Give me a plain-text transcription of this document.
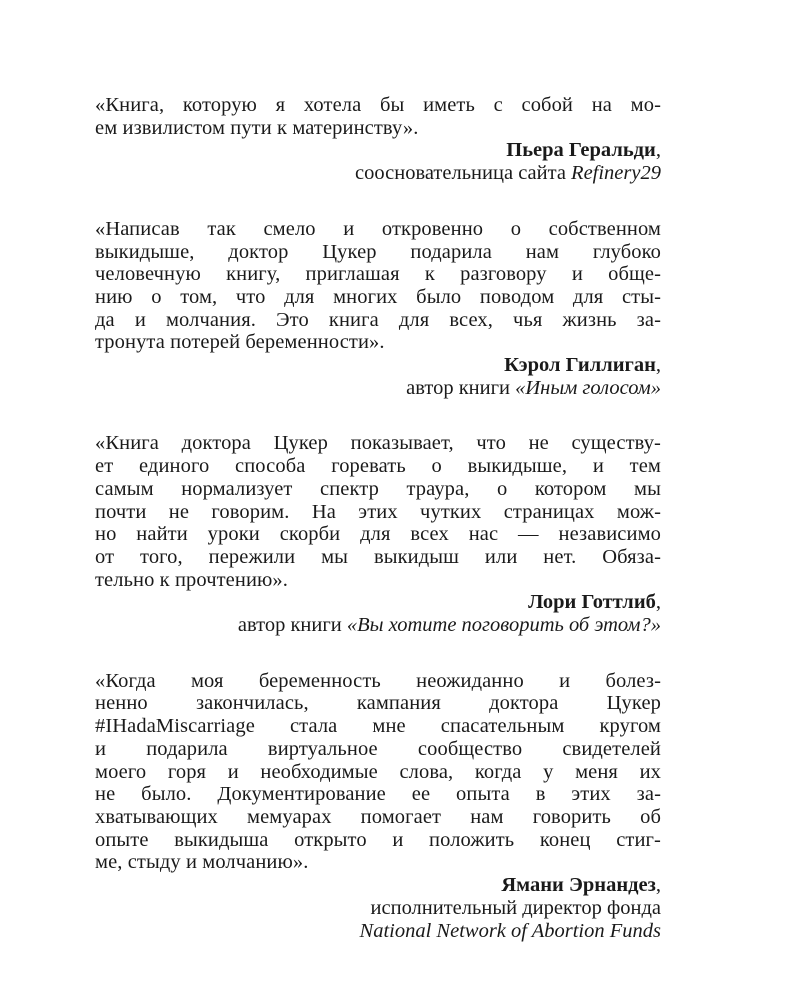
«Книга, которую я хотела бы иметь с собой на мо-
ем извилистом пути к материнству».
Пьера Геральди,
соосновательница сайта Refinery29
«Написав так смело и откровенно о собственном
выкидыше, доктор Цукер подарила нам глубоко
человечную книгу, приглашая к разговору и обще-
нию о том, что для многих было поводом для сты-
да и молчания. Это книга для всех, чья жизнь за-
тронута потерей беременности».
Кэрол Гиллиган,
автор книги «Иным голосом»
«Книга доктора Цукер показывает, что не существу-
ет единого способа горевать о выкидыше, и тем
самым нормализует спектр траура, о котором мы
почти не говорим. На этих чутких страницах мож-
но найти уроки скорби для всех нас — независимо
от того, пережили мы выкидыш или нет. Обяза-
тельно к прочтению».
Лори Готтлиб,
автор книги «Вы хотите поговорить об этом?»
«Когда моя беременность неожиданно и болез-
ненно закончилась, кампания доктора Цукер
#IHadaMiscarriage стала мне спасательным кругом
и подарила виртуальное сообщество свидетелей
моего горя и необходимые слова, когда у меня их
не было. Документирование ее опыта в этих за-
хватывающих мемуарах помогает нам говорить об
опыте выкидыша открыто и положить конец стиг-
ме, стыду и молчанию».
Ямани Эрнандез,
исполнительный директор фонда
National Network of Abortion Funds
